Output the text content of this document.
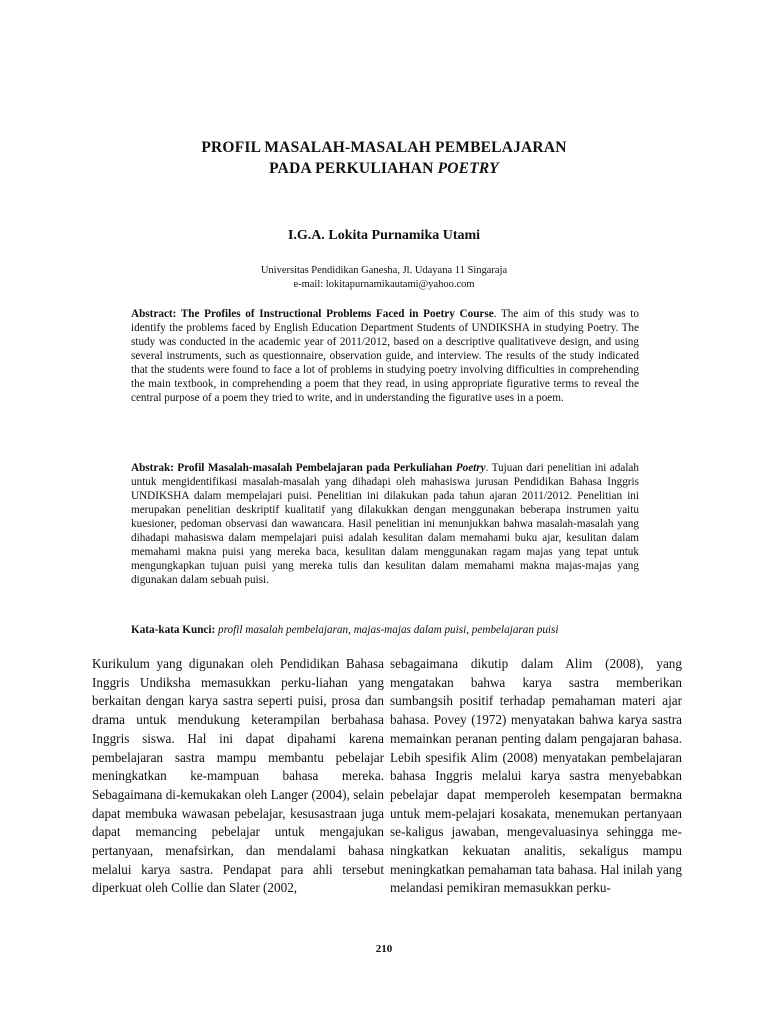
PROFIL MASALAH-MASALAH PEMBELAJARAN
PADA PERKULIAHAN POETRY
I.G.A. Lokita Purnamika Utami
Universitas Pendidikan Ganesha, Jl. Udayana 11 Singaraja
e-mail: lokitapurnamikautami@yahoo.com
Abstract: The Profiles of Instructional Problems Faced in Poetry Course. The aim of this study was to identify the problems faced by English Education Department Students of UNDIKSHA in studying Poetry. The study was conducted in the academic year of 2011/2012, based on a descriptive qualitativeve design, and using several instruments, such as questionnaire, observation guide, and interview. The results of the study indicated that the students were found to face a lot of problems in studying poetry involving difficulties in comprehending the main textbook, in comprehending a poem that they read, in using appropriate figurative terms to reveal the central purpose of a poem they tried to write, and in understanding the figurative uses in a poem.
Abstrak: Profil Masalah-masalah Pembelajaran pada Perkuliahan Poetry. Tujuan dari penelitian ini adalah untuk mengidentifikasi masalah-masalah yang dihadapi oleh mahasiswa jurusan Pendidikan Bahasa Inggris UNDIKSHA dalam mempelajari puisi. Penelitian ini dilakukan pada tahun ajaran 2011/2012. Penelitian ini merupakan penelitian deskriptif kualitatif yang dilakukkan dengan menggunakan beberapa instrumen yaitu kuesioner, pedoman observasi dan wawancara. Hasil penelitian ini menunjukkan bahwa masalah-masalah yang dihadapi mahasiswa dalam mempelajari puisi adalah kesulitan dalam memahami buku ajar, kesulitan dalam memahami makna puisi yang mereka baca, kesulitan dalam menggunakan ragam majas yang tepat untuk mengungkapkan tujuan puisi yang mereka tulis dan kesulitan dalam memahami makna majas-majas yang digunakan dalam sebuah puisi.
Kata-kata Kunci: profil masalah pembelajaran, majas-majas dalam puisi, pembelajaran puisi
Kurikulum yang digunakan oleh Pendidikan Bahasa Inggris Undiksha memasukkan perku-liahan yang berkaitan dengan karya sastra seperti puisi, prosa dan drama untuk mendukung keterampilan berbahasa Inggris siswa. Hal ini dapat dipahami karena pembelajaran sastra mampu membantu pebelajar meningkatkan ke-mampuan bahasa mereka. Sebagaimana di-kemukakan oleh Langer (2004), selain dapat membuka wawasan pebelajar, kesusastraan juga dapat memancing pebelajar untuk mengajukan pertanyaan, menafsirkan, dan mendalami bahasa melalui karya sastra. Pendapat para ahli tersebut diperkuat oleh Collie dan Slater (2002,
sebagaimana dikutip dalam Alim (2008), yang mengatakan bahwa karya sastra memberikan sumbangsih positif terhadap pemahaman materi ajar bahasa. Povey (1972) menyatakan bahwa karya sastra memainkan peranan penting dalam pengajaran bahasa. Lebih spesifik Alim (2008) menyatakan pembelajaran bahasa Inggris melalui karya sastra menyebabkan pebelajar dapat memperoleh kesempatan bermakna untuk mem-pelajari kosakata, menemukan pertanyaan se-kaligus jawaban, mengevaluasinya sehingga me-ningkatkan kekuatan analitis, sekaligus mampu meningkatkan pemahaman tata bahasa. Hal inilah yang melandasi pemikiran memasukkan perku-
210
